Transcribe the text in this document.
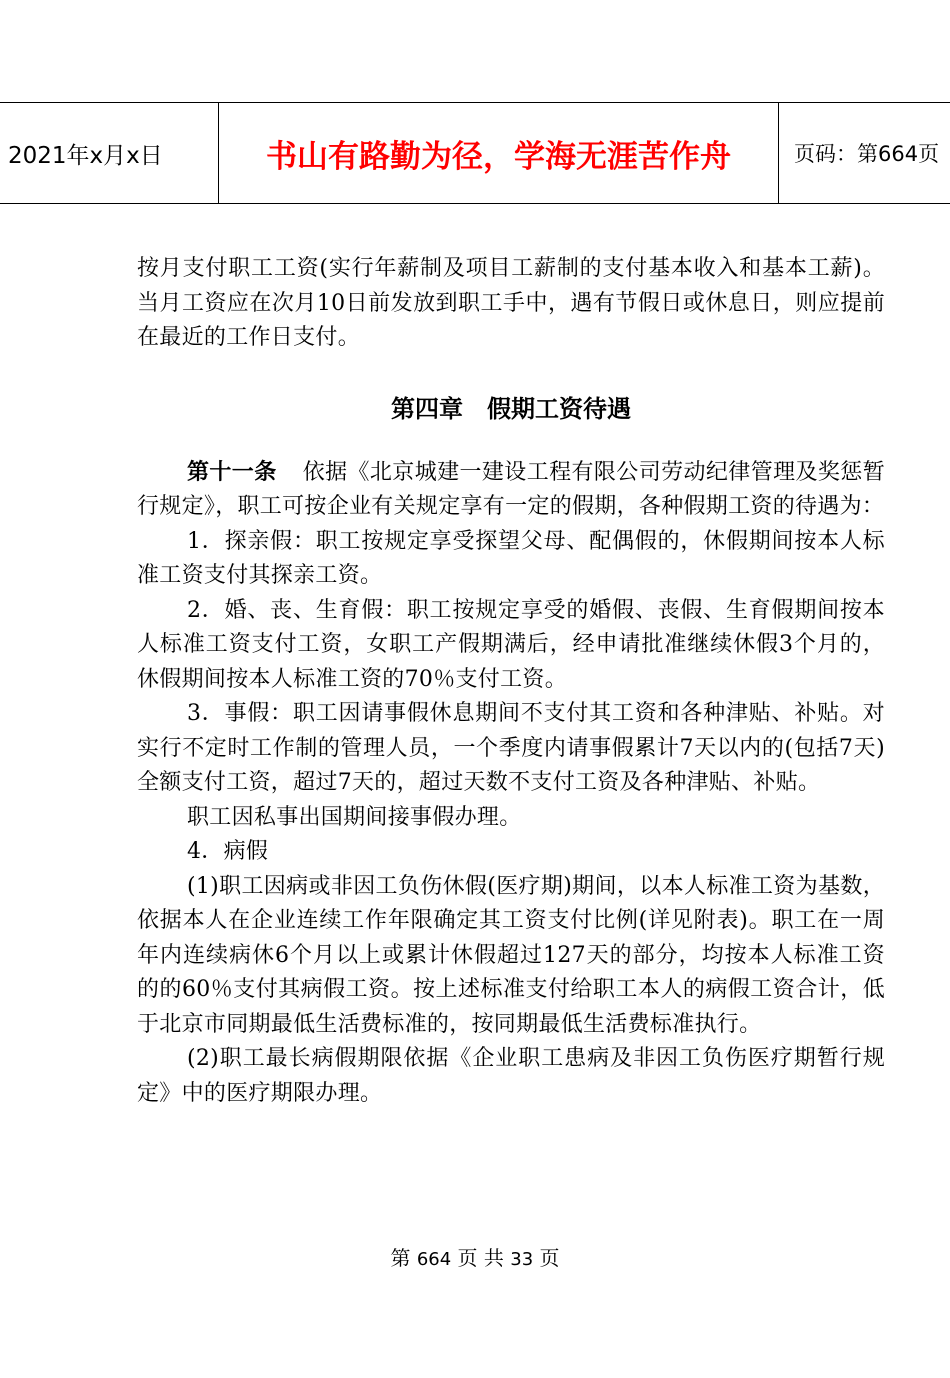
2021年x月x日	书山有路勤为径，学海无涯苦作舟	页码：第664页

按月支付职工工资(实行年薪制及项目工薪制的支付基本收入和基本工薪)。当月工资应在次月10日前发放到职工手中，遇有节假日或休息日，则应提前在最近的工作日支付。

第四章　假期工资待遇

第十一条 依据《北京城建一建设工程有限公司劳动纪律管理及奖惩暂行规定》，职工可按企业有关规定享有一定的假期，各种假期工资的待遇为：

1．探亲假：职工按规定享受探望父母、配偶假的，休假期间按本人标准工资支付其探亲工资。

2．婚、丧、生育假：职工按规定享受的婚假、丧假、生育假期间按本人标准工资支付工资，女职工产假期满后，经申请批准继续休假3个月的，休假期间按本人标准工资的70％支付工资。

3．事假：职工因请事假休息期间不支付其工资和各种津贴、补贴。对实行不定时工作制的管理人员，一个季度内请事假累计7天以内的(包括7天)全额支付工资，超过7天的，超过天数不支付工资及各种津贴、补贴。

职工因私事出国期间接事假办理。

4．病假

(1)职工因病或非因工负伤休假(医疗期)期间，以本人标准工资为基数，依据本人在企业连续工作年限确定其工资支付比例(详见附表)。职工在一周年内连续病休6个月以上或累计休假超过127天的部分，均按本人标准工资的的60％支付其病假工资。按上述标准支付给职工本人的病假工资合计，低于北京市同期最低生活费标准的，按同期最低生活费标准执行。

(2)职工最长病假期限依据《企业职工患病及非因工负伤医疗期暂行规定》中的医疗期限办理。

第 664 页 共 33 页
